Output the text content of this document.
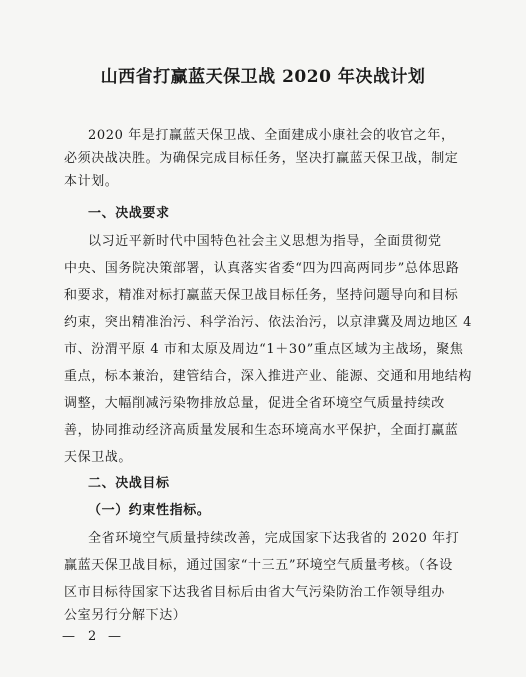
山西省打赢蓝天保卫战 2020 年决战计划
2020 年是打赢蓝天保卫战、全面建成小康社会的收官之年，
必须决战决胜。为确保完成目标任务，坚决打赢蓝天保卫战，制定
本计划。
一、决战要求
以习近平新时代中国特色社会主义思想为指导，全面贯彻党
中央、国务院决策部署，认真落实省委“四为四高两同步”总体思路
和要求，精准对标打赢蓝天保卫战目标任务，坚持问题导向和目标
约束，突出精准治污、科学治污、依法治污，以京津冀及周边地区 4
市、汾渭平原 4 市和太原及周边“1＋30”重点区域为主战场，聚焦
重点，标本兼治，建管结合，深入推进产业、能源、交通和用地结构
调整，大幅削减污染物排放总量，促进全省环境空气质量持续改
善，协同推动经济高质量发展和生态环境高水平保护，全面打赢蓝
天保卫战。
二、决战目标
（一）约束性指标。
全省环境空气质量持续改善，完成国家下达我省的 2020 年打
赢蓝天保卫战目标，通过国家“十三五”环境空气质量考核。（各设
区市目标待国家下达我省目标后由省大气污染防治工作领导组办
公室另行分解下达）
— 2 —
